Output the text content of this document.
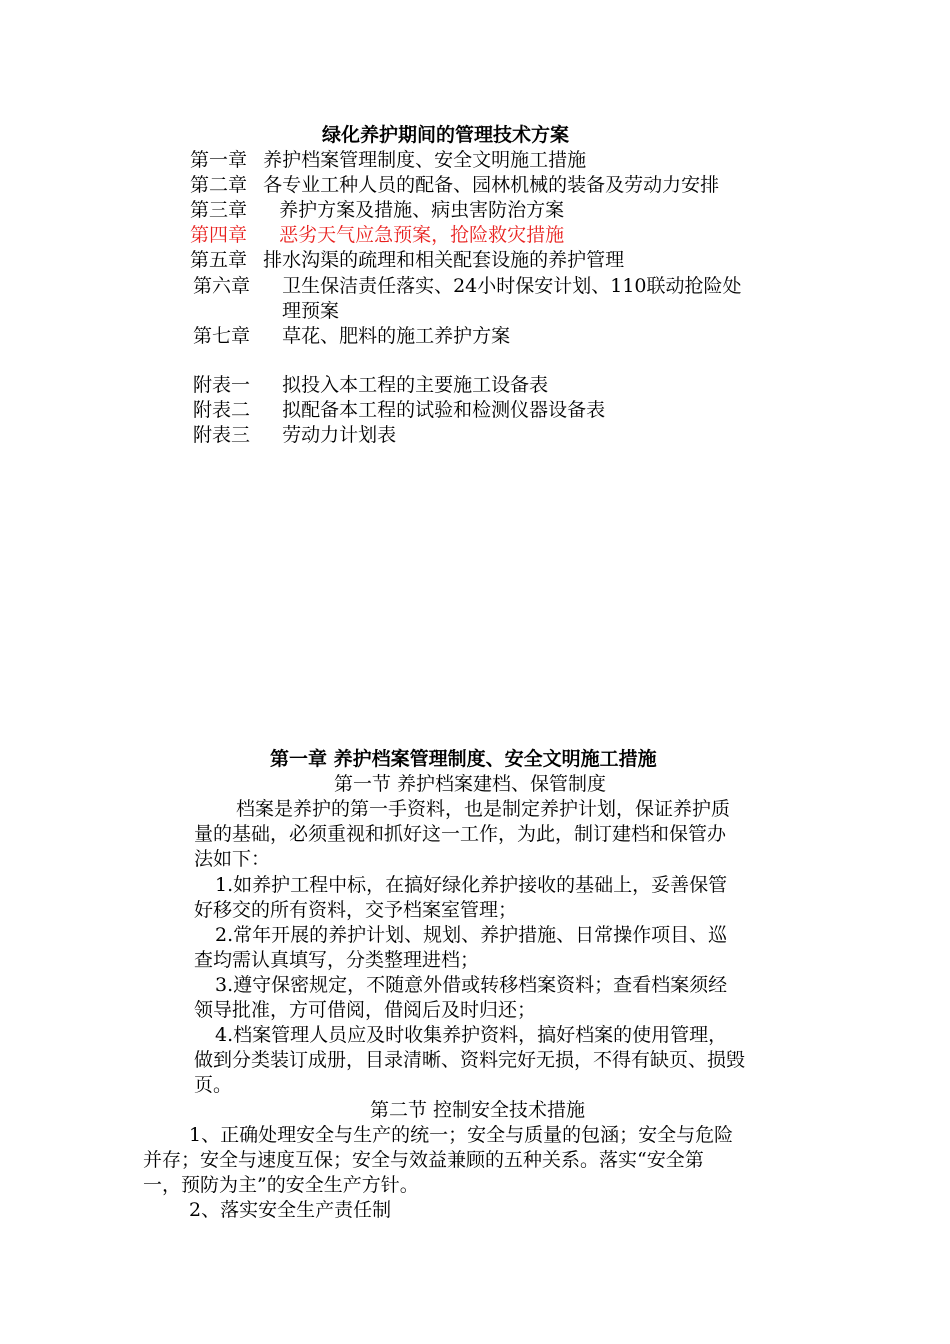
绿化养护期间的管理技术方案
第一章 养护档案管理制度、安全文明施工措施
第二章 各专业工种人员的配备、园林机械的装备及劳动力安排
第三章 养护方案及措施、病虫害防治方案
第四章 恶劣天气应急预案，抢险救灾措施
第五章 排水沟渠的疏理和相关配套设施的养护管理
第六章 卫生保洁责任落实、24小时保安计划、110联动抢险处
理预案
第七章 草花、肥料的施工养护方案
附表一 拟投入本工程的主要施工设备表
附表二 拟配备本工程的试验和检测仪器设备表
附表三 劳动力计划表
第一章 养护档案管理制度、安全文明施工措施
第一节 养护档案建档、保管制度
档案是养护的第一手资料，也是制定养护计划，保证养护质
量的基础，必须重视和抓好这一工作，为此，制订建档和保管办
法如下：
1.如养护工程中标，在搞好绿化养护接收的基础上，妥善保管
好移交的所有资料，交予档案室管理；
2.常年开展的养护计划、规划、养护措施、日常操作项目、巡
查均需认真填写，分类整理进档；
3.遵守保密规定，不随意外借或转移档案资料；查看档案须经
领导批准，方可借阅，借阅后及时归还；
4.档案管理人员应及时收集养护资料，搞好档案的使用管理，
做到分类装订成册，目录清晰、资料完好无损，不得有缺页、损毁
页。
第二节 控制安全技术措施
1、正确处理安全与生产的统一；安全与质量的包涵；安全与危险
并存；安全与速度互保；安全与效益兼顾的五种关系。落实“安全第
一，预防为主”的安全生产方针。
2、落实安全生产责任制
